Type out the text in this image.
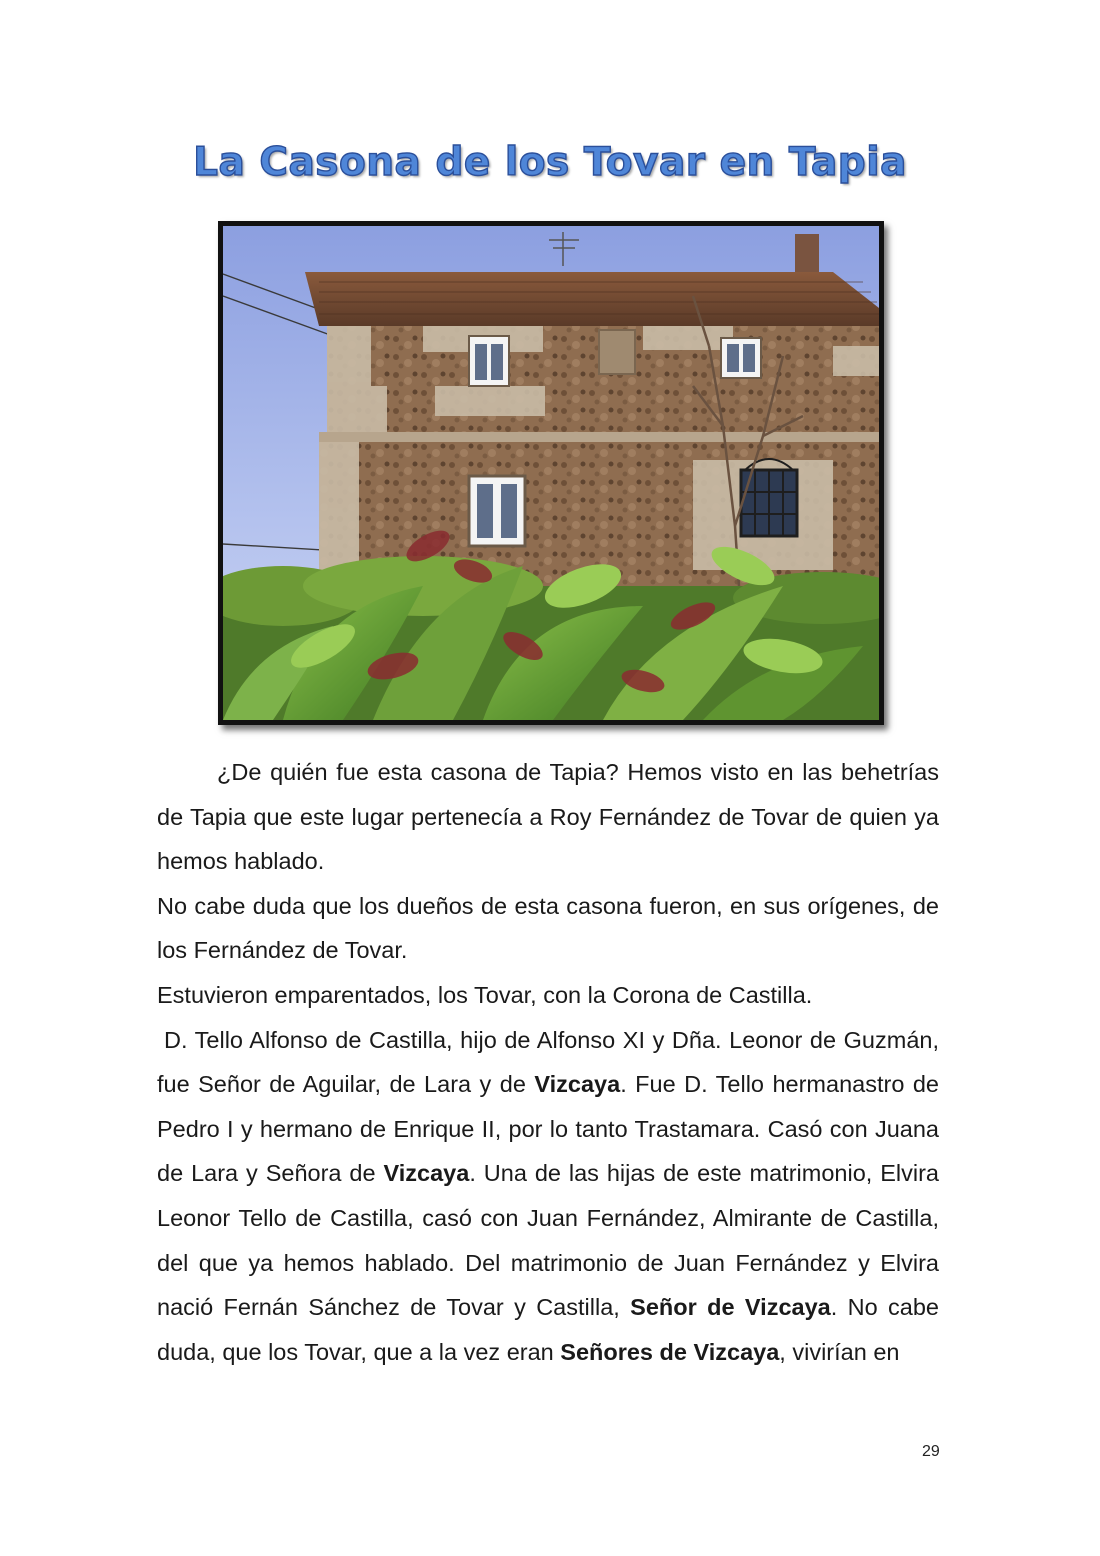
La Casona de los Tovar en Tapia

¿De quién fue esta casona de Tapia? Hemos visto en las behetrías de Tapia que este lugar pertenecía a Roy Fernández de Tovar de quien ya hemos hablado.

No cabe duda que los dueños de esta casona fueron, en sus orígenes, de los Fernández de Tovar.

Estuvieron emparentados, los Tovar, con la Corona de Castilla.

D. Tello Alfonso de Castilla, hijo de Alfonso XI y Dña. Leonor de Guzmán, fue Señor de Aguilar, de Lara y de Vizcaya. Fue D. Tello hermanastro de Pedro I y hermano de Enrique II, por lo tanto Trastamara. Casó con Juana de Lara y Señora de Vizcaya. Una de las hijas de este matrimonio, Elvira Leonor Tello de Castilla, casó con Juan Fernández, Almirante de Castilla, del que ya hemos hablado. Del matrimonio de Juan Fernández y Elvira nació Fernán Sánchez de Tovar y Castilla, Señor de Vizcaya. No cabe duda, que los Tovar, que a la vez eran Señores de Vizcaya, vivirían en

29
